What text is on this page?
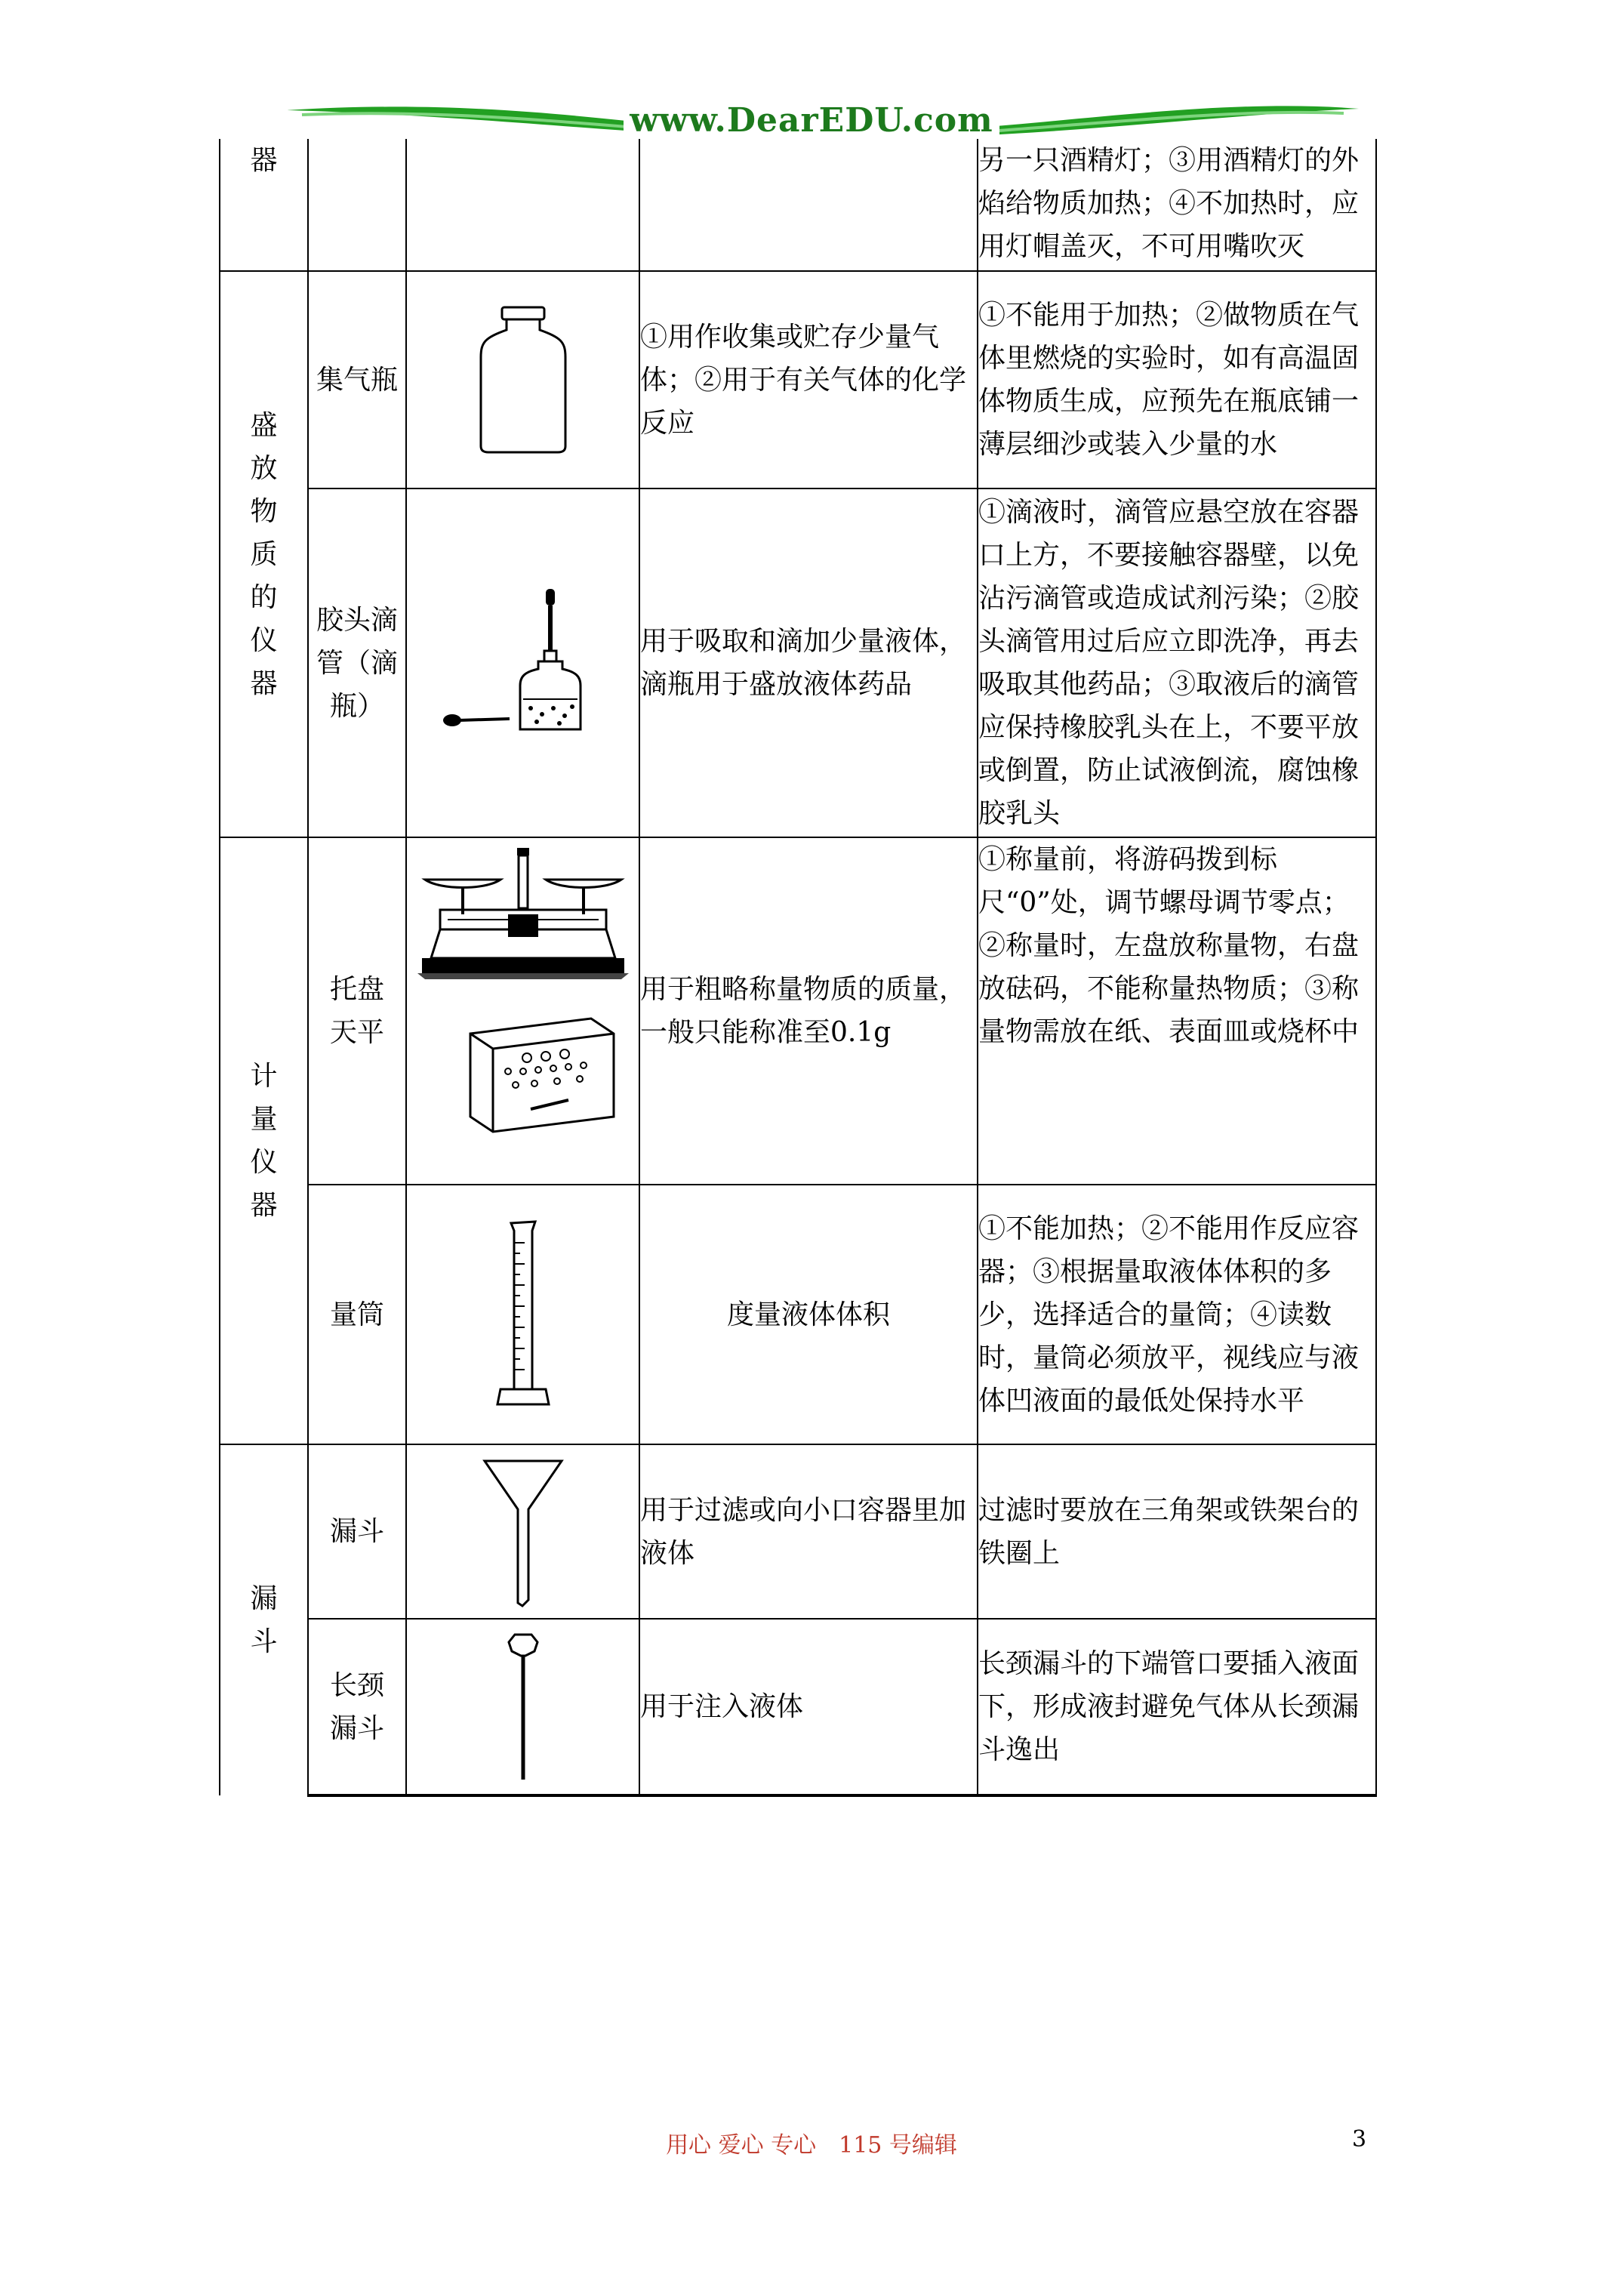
www.DearEDU.com
器				另一只酒精灯；③用酒精灯的外焰给物质加热；④不加热时，应用灯帽盖灭，不可用嘴吹灭
盛放物质的仪器	集气瓶		①用作收集或贮存少量气体；②用于有关气体的化学反应	①不能用于加热；②做物质在气体里燃烧的实验时，如有高温固体物质生成，应预先在瓶底铺一薄层细沙或装入少量的水
	胶头滴管（滴瓶）		用于吸取和滴加少量液体，滴瓶用于盛放液体药品	①滴液时，滴管应悬空放在容器口上方，不要接触容器壁，以免沾污滴管或造成试剂污染；②胶头滴管用过后应立即洗净，再去吸取其他药品；③取液后的滴管应保持橡胶乳头在上，不要平放或倒置，防止试液倒流，腐蚀橡胶乳头
计量仪器	托盘天平		用于粗略称量物质的质量，一般只能称准至0.1g	①称量前，将游码拨到标尺“0”处，调节螺母调节零点；②称量时，左盘放称量物，右盘放砝码，不能称量热物质；③称量物需放在纸、表面皿或烧杯中
	量筒		度量液体体积	①不能加热；②不能用作反应容器；③根据量取液体体积的多少，选择适合的量筒；④读数时，量筒必须放平，视线应与液体凹液面的最低处保持水平
漏斗	漏斗		用于过滤或向小口容器里加液体	过滤时要放在三角架或铁架台的铁圈上
	长颈漏斗		用于注入液体	长颈漏斗的下端管口要插入液面下，形成液封避免气体从长颈漏斗逸出
用心 爱心 专心　115 号编辑	3
